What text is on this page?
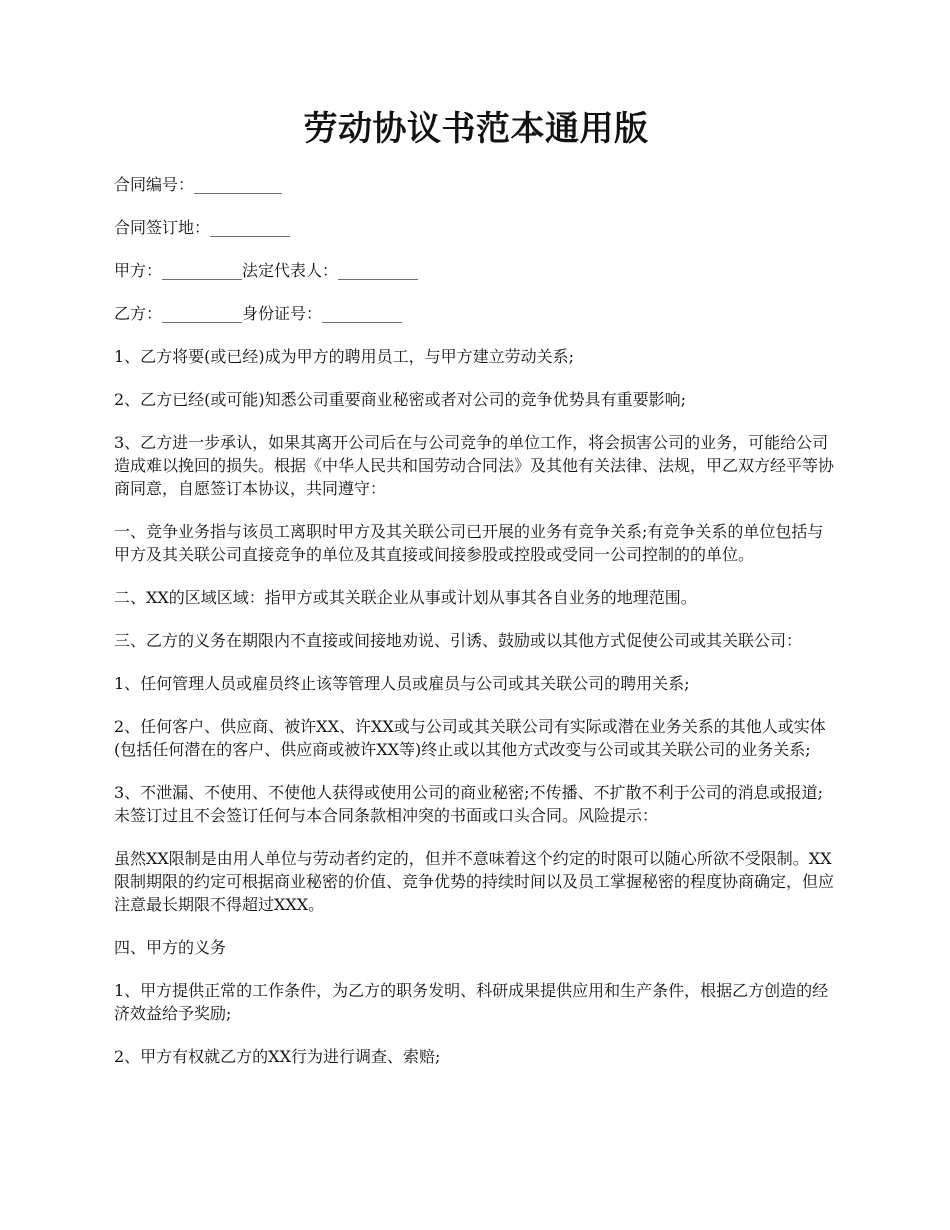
劳动协议书范本通用版

合同编号：___________

合同签订地：__________

甲方：__________法定代表人：__________

乙方：__________身份证号：__________

1、乙方将要(或已经)成为甲方的聘用员工，与甲方建立劳动关系;

2、乙方已经(或可能)知悉公司重要商业秘密或者对公司的竞争优势具有重要影响;

3、乙方进一步承认，如果其离开公司后在与公司竞争的单位工作，将会损害公司的业务，可能给公司造成难以挽回的损失。根据《中华人民共和国劳动合同法》及其他有关法律、法规，甲乙双方经平等协商同意，自愿签订本协议，共同遵守：

一、竞争业务指与该员工离职时甲方及其关联公司已开展的业务有竞争关系;有竞争关系的单位包括与甲方及其关联公司直接竞争的单位及其直接或间接参股或控股或受同一公司控制的的单位。

二、XX的区域区域：指甲方或其关联企业从事或计划从事其各自业务的地理范围。

三、乙方的义务在期限内不直接或间接地劝说、引诱、鼓励或以其他方式促使公司或其关联公司：

1、任何管理人员或雇员终止该等管理人员或雇员与公司或其关联公司的聘用关系;

2、任何客户、供应商、被许XX、许XX或与公司或其关联公司有实际或潜在业务关系的其他人或实体(包括任何潜在的客户、供应商或被许XX等)终止或以其他方式改变与公司或其关联公司的业务关系;

3、不泄漏、不使用、不使他人获得或使用公司的商业秘密;不传播、不扩散不利于公司的消息或报道;未签订过且不会签订任何与本合同条款相冲突的书面或口头合同。风险提示：

虽然XX限制是由用人单位与劳动者约定的，但并不意味着这个约定的时限可以随心所欲不受限制。XX限制期限的约定可根据商业秘密的价值、竞争优势的持续时间以及员工掌握秘密的程度协商确定，但应注意最长期限不得超过XXX。

四、甲方的义务

1、甲方提供正常的工作条件，为乙方的职务发明、科研成果提供应用和生产条件，根据乙方创造的经济效益给予奖励;

2、甲方有权就乙方的XX行为进行调查、索赔;
